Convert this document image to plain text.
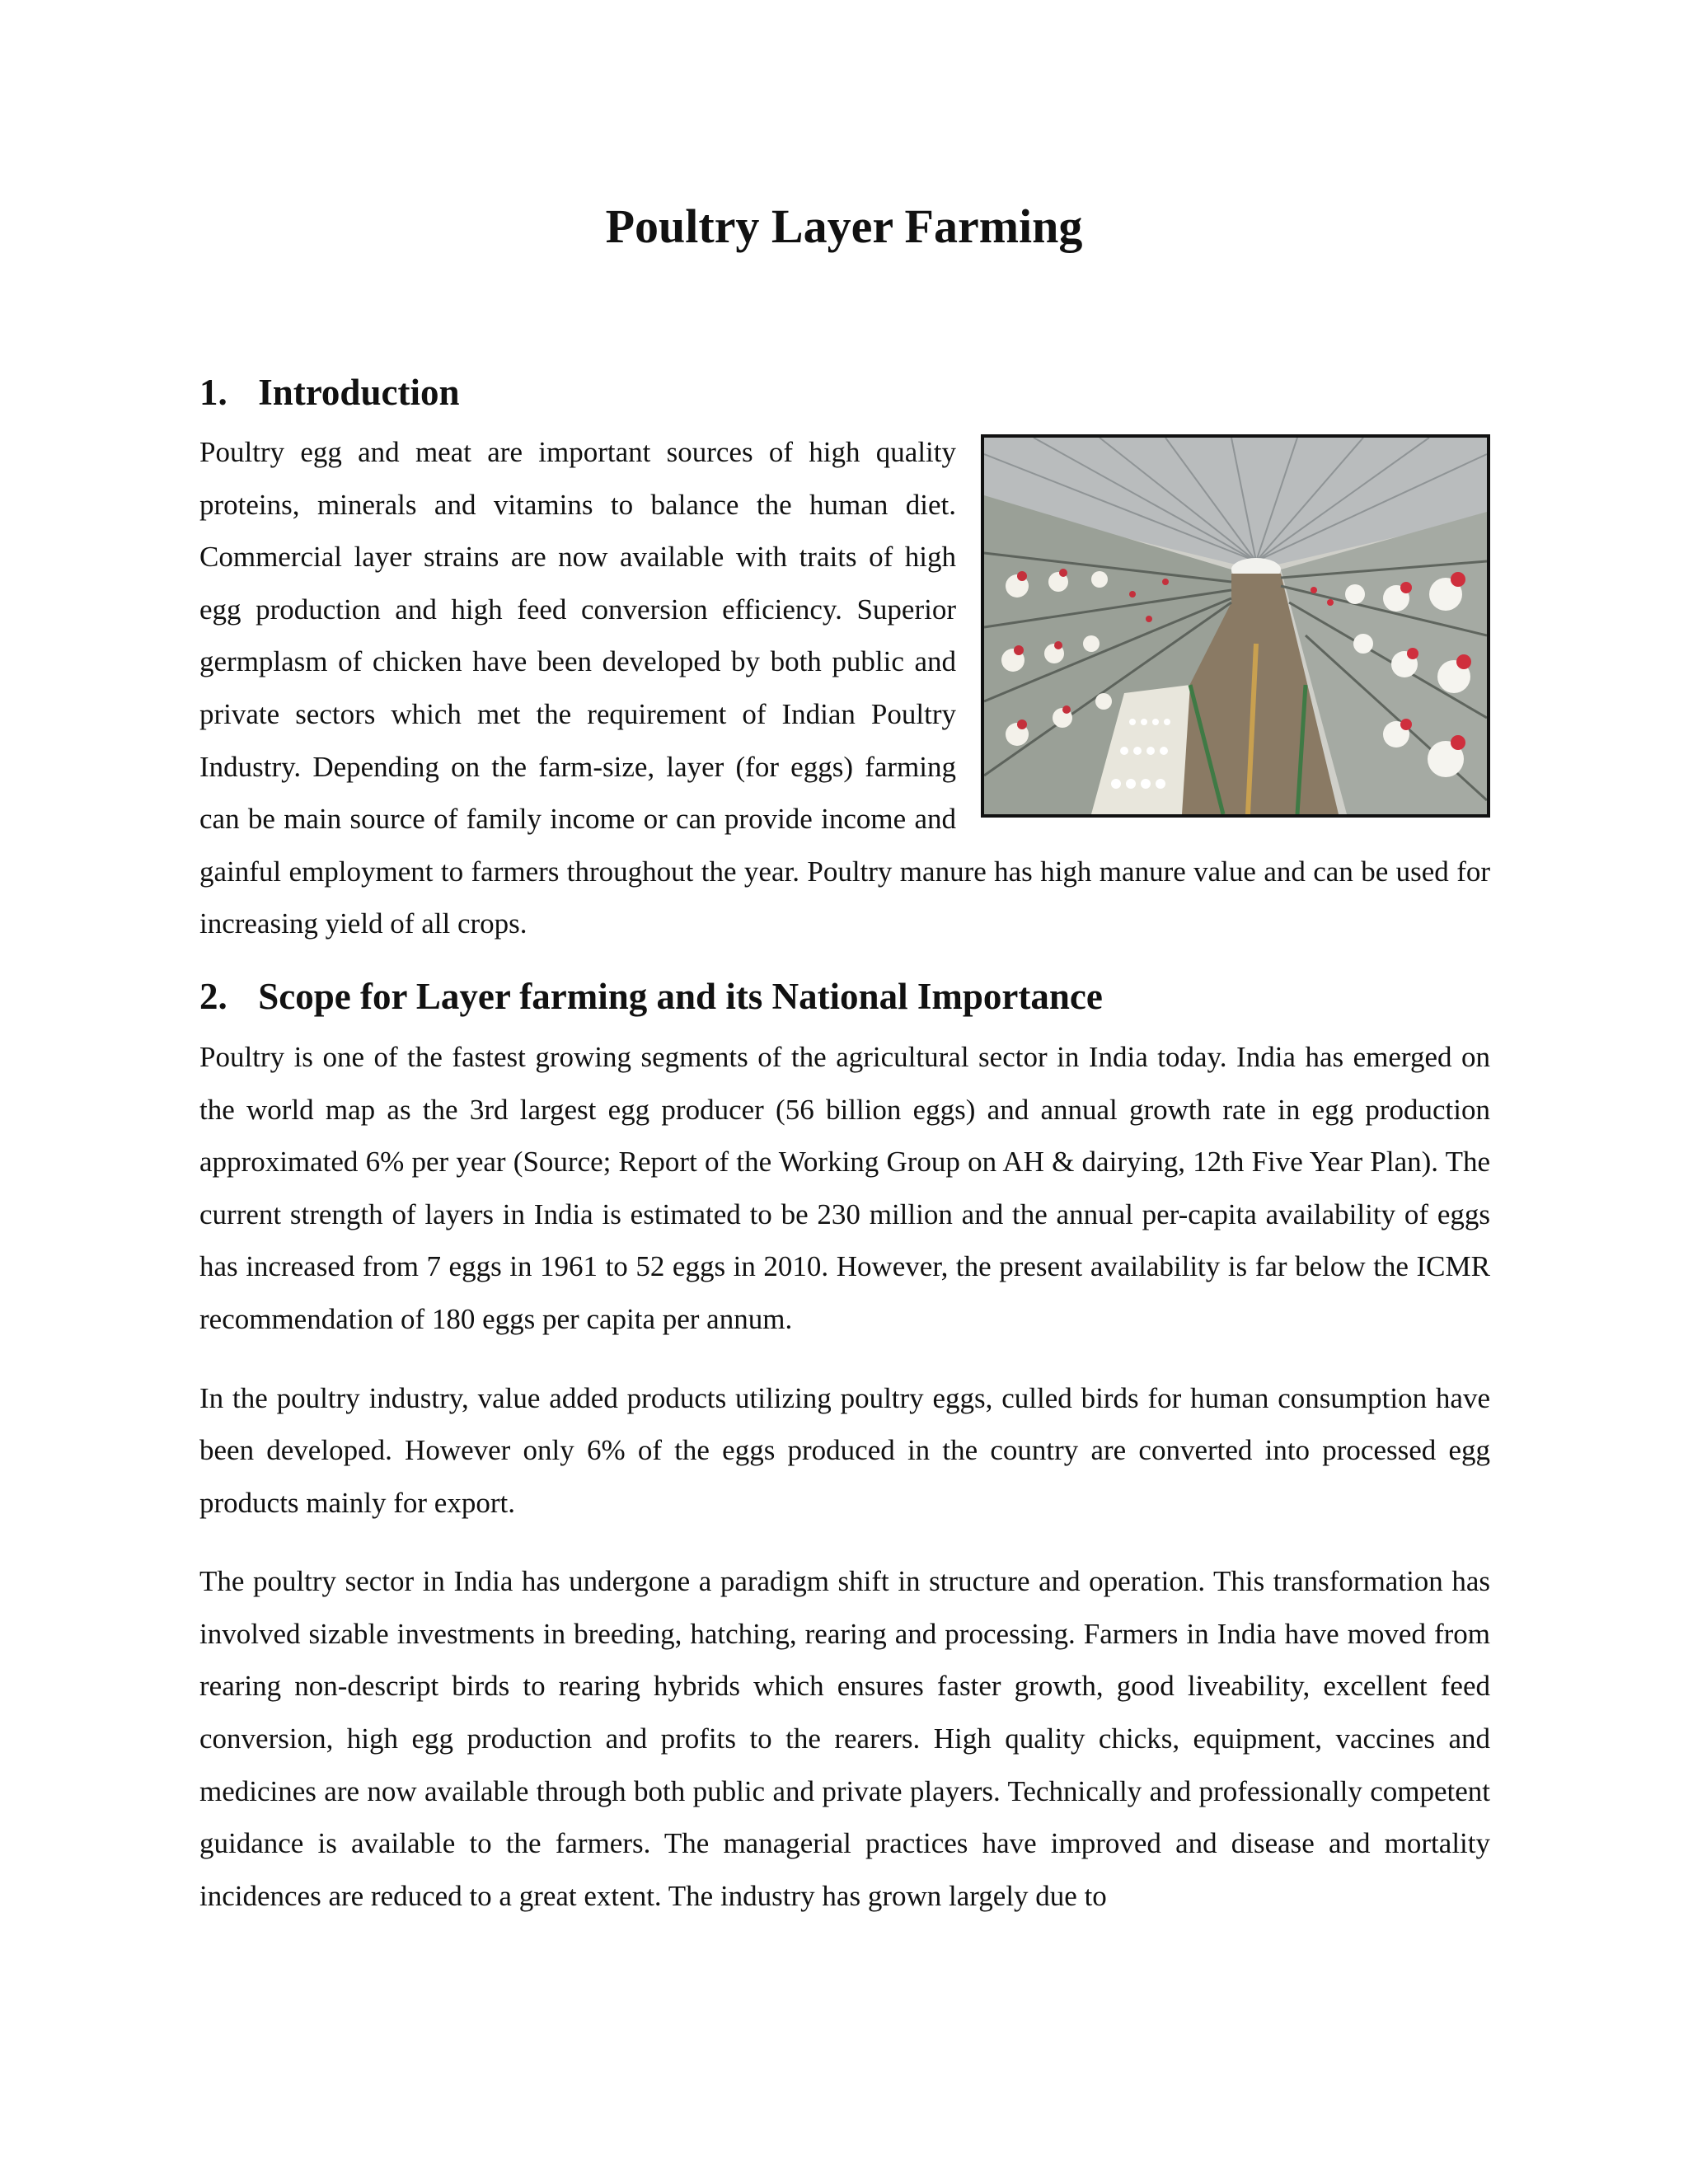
Poultry Layer Farming
1. Introduction

Poultry egg and meat are important sources of high quality proteins, minerals and vitamins to balance the human diet. Commercial layer strains are now available with traits of high egg production and high feed conversion efficiency. Superior germplasm of chicken have been developed by both public and private sectors which met the requirement of Indian Poultry Industry. Depending on the farm-size, layer (for eggs) farming can be main source of family income or can provide income and gainful employment to farmers throughout the year. Poultry manure has high manure value and can be used for increasing yield of all crops.

2. Scope for Layer farming and its National Importance

Poultry is one of the fastest growing segments of the agricultural sector in India today. India has emerged on the world map as the 3rd largest egg producer (56 billion eggs) and annual growth rate in egg production approximated 6% per year (Source; Report of the Working Group on AH & dairying, 12th Five Year Plan). The current strength of layers in India is estimated to be 230 million and the annual per-capita availability of eggs has increased from 7 eggs in 1961 to 52 eggs in 2010. However, the present availability is far below the ICMR recommendation of 180 eggs per capita per annum.

In the poultry industry, value added products utilizing poultry eggs, culled birds for human consumption have been developed. However only 6% of the eggs produced in the country are converted into processed egg products mainly for export.

The poultry sector in India has undergone a paradigm shift in structure and operation. This transformation has involved sizable investments in breeding, hatching, rearing and processing. Farmers in India have moved from rearing non-descript birds to rearing hybrids which ensures faster growth, good liveability, excellent feed conversion, high egg production and profits to the rearers. High quality chicks, equipment, vaccines and medicines are now available through both public and private players. Technically and professionally competent guidance is available to the farmers. The managerial practices have improved and disease and mortality incidences are reduced to a great extent. The industry has grown largely due to
